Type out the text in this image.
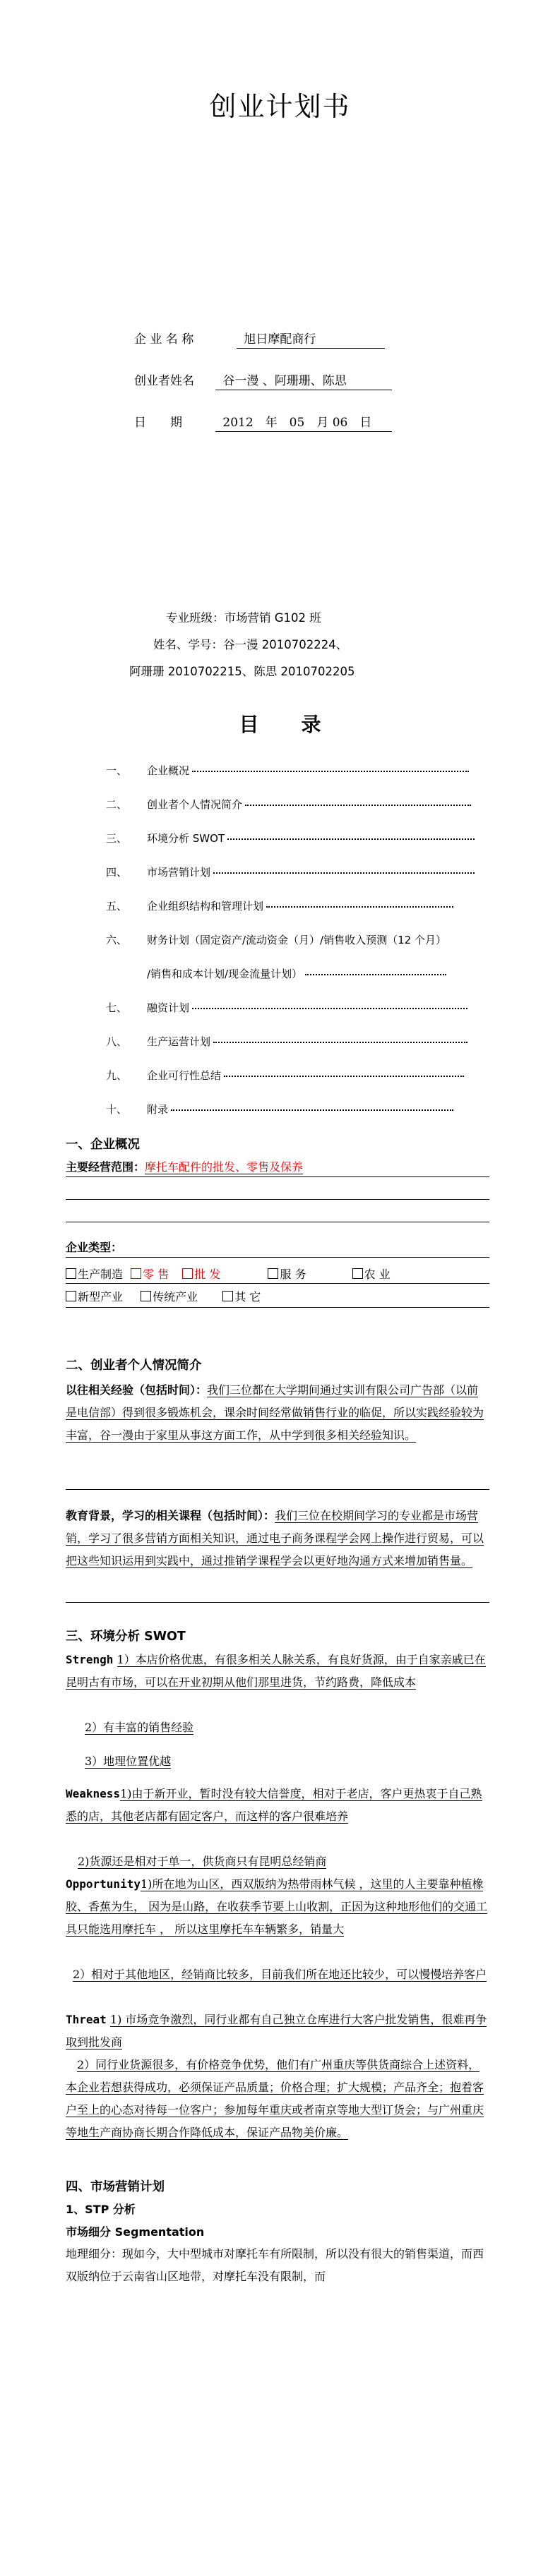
创业计划书
企 业 名 称	旭日摩配商行
创业者姓名 谷一漫 、阿珊珊、陈思
日　　期	2012　年　05　月 06　日
专业班级：市场营销 G102 班
姓名、学号：谷一漫 2010702224、
阿珊珊 2010702215、陈思 2010702205
目录
一、 企业概况
二、 创业者个人情况简介
三、 环境分析 SWOT
四、 市场营销计划
五、 企业组织结构和管理计划
六、 财务计划（固定资产/流动资金（月）/销售收入预测（12 个月）
/销售和成本计划/现金流量计划）
七、 融资计划
八、 生产运营计划
九、 企业可行性总结
十、 附录
一、企业概况
主要经营范围：摩托车配件的批发、零售及保养
企业类型：
生产制造 零 售 批 发	服 务	农 业
新型产业	传统产业	其 它
二、创业者个人情况简介
以往相关经验（包括时间）：我们三位都在大学期间通过实训有限公司广告部（以前是电信部）得到很多锻炼机会，课余时间经常做销售行业的临促，所以实践经验较为丰富，谷一漫由于家里从事这方面工作，从中学到很多相关经验知识。
教育背景，学习的相关课程（包括时间）：我们三位在校期间学习的专业都是市场营销，学习了很多营销方面相关知识，通过电子商务课程学会网上操作进行贸易，可以把这些知识运用到实践中，通过推销学课程学会以更好地沟通方式来增加销售量。
三、环境分析 SWOT
Strengh 1）本店价格优惠，有很多相关人脉关系，有良好货源，由于自家亲戚已在昆明古有市场，可以在开业初期从他们那里进货，节约路费，降低成本
2）有丰富的销售经验
3）地理位置优越
Weakness1)由于新开业，暂时没有较大信誉度，相对于老店，客户更热衷于自己熟悉的店，其他老店都有固定客户，而这样的客户很难培养
2)货源还是相对于单一，供货商只有昆明总经销商
Opportunity1)所在地为山区，西双版纳为热带雨林气候 ，这里的人主要靠种植橡胶、香蕉为生， 因为是山路，在收获季节要上山收割，正因为这种地形他们的交通工具只能选用摩托车 ， 所以这里摩托车车辆繁多，销量大
2）相对于其他地区，经销商比较多，目前我们所在地还比较少，可以慢慢培养客户
Threat 1) 市场竞争激烈，同行业都有自己独立仓库进行大客户批发销售，很难再争取到批发商
2）同行业货源很多，有价格竞争优势，他们有广州重庆等供货商综合上述资料，本企业若想获得成功，必须保证产品质量；价格合理；扩大规模；产品齐全；抱着客户至上的心态对待每一位客户；参加每年重庆或者南京等地大型订货会；与广州重庆等地生产商协商长期合作降低成本，保证产品物美价廉。
四、市场营销计划
1、STP 分析
市场细分 Segmentation
地理细分：现如今，大中型城市对摩托车有所限制，所以没有很大的销售渠道，而西双版纳位于云南省山区地带，对摩托车没有限制，而
